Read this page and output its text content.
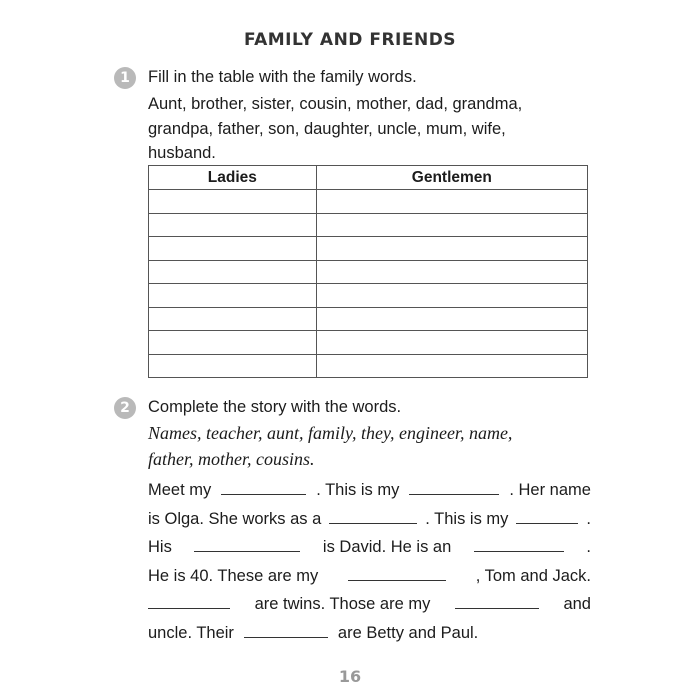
FAMILY AND FRIENDS
1	Fill in the table with the family words.
Aunt, brother, sister, cousin, mother, dad, grandma,
grandpa, father, son, daughter, uncle, mum, wife,
husband.
Ladies	Gentlemen

2	Complete the story with the words.
Names, teacher, aunt, family, they, engineer, name,
father, mother, cousins.
Meet my	. This is my	. Her name
is Olga. She works as a	. This is my	.
His	is David. He is an	.
He is 40. These are my	, Tom and Jack.
are twins. Those are my	and
uncle. Their	are Betty and Paul.
16
